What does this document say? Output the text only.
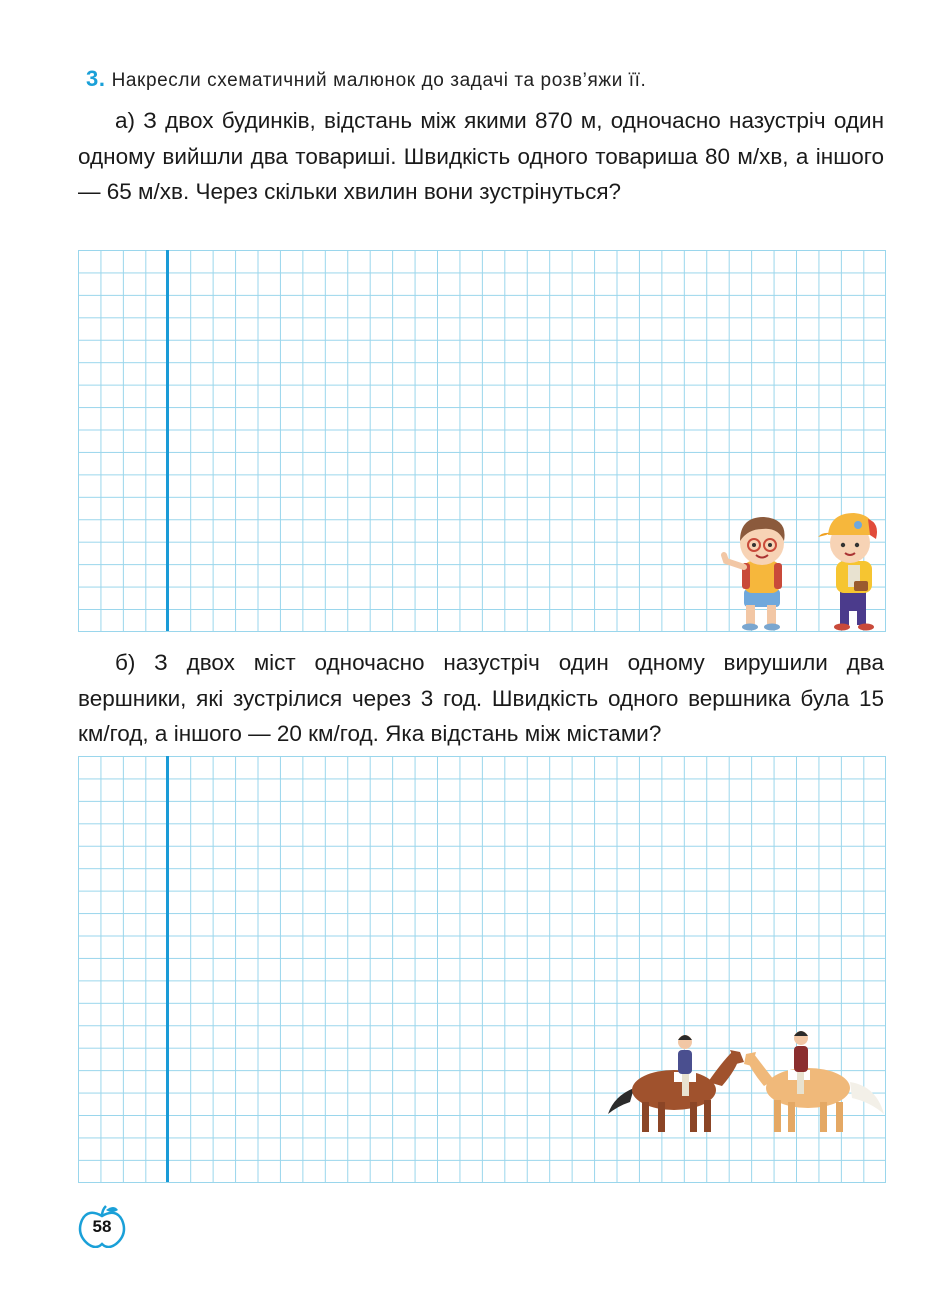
3. Накресли схематичний малюнок до задачі та розв’яжи її.
а) З двох будинків, відстань між якими 870 м, одночасно назустріч один одному вийшли два товариші. Швидкість одного товариша 80 м/хв, а іншого — 65 м/хв. Через скільки хвилин вони зустрінуться?
б) З двох міст одночасно назустріч один одному вирушили два вершники, які зустрілися через 3 год. Швидкість одного вершника була 15 км/год, а іншого — 20 км/год. Яка відстань між містами?
58
